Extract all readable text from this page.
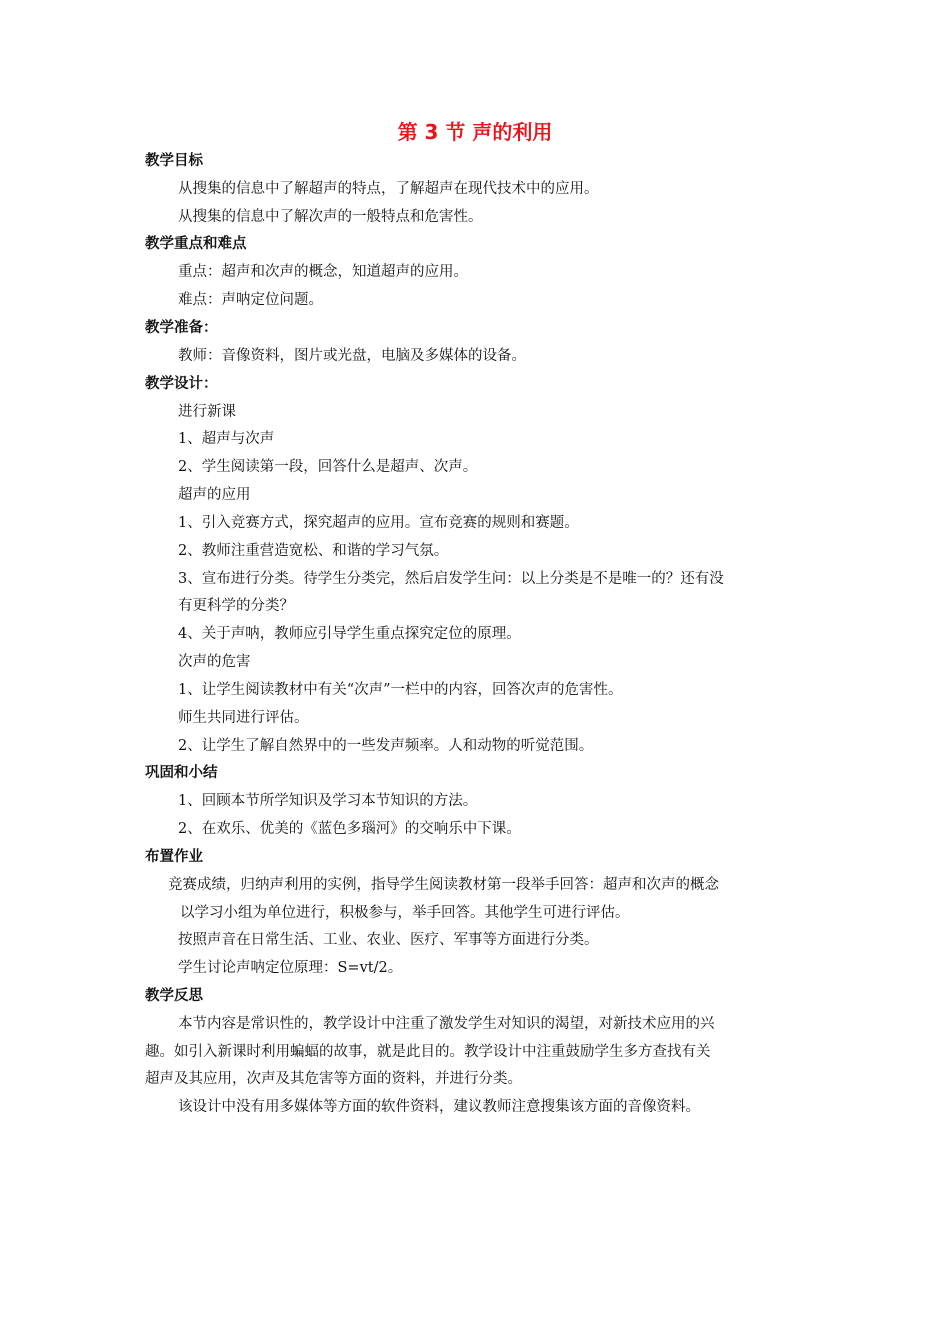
第 3 节 声的利用
教学目标
从搜集的信息中了解超声的特点，了解超声在现代技术中的应用。
从搜集的信息中了解次声的一般特点和危害性。
教学重点和难点
重点：超声和次声的概念，知道超声的应用。
难点：声呐定位问题。
教学准备：
教师：音像资料，图片或光盘，电脑及多媒体的设备。
教学设计：
进行新课
1、超声与次声
2、学生阅读第一段，回答什么是超声、次声。
超声的应用
1、引入竞赛方式，探究超声的应用。宣布竞赛的规则和赛题。
2、教师注重营造宽松、和谐的学习气氛。
3、宣布进行分类。待学生分类完，然后启发学生问：以上分类是不是唯一的？还有没
有更科学的分类？
4、关于声呐，教师应引导学生重点探究定位的原理。
次声的危害
1、让学生阅读教材中有关“次声”一栏中的内容，回答次声的危害性。
师生共同进行评估。
2、让学生了解自然界中的一些发声频率。人和动物的听觉范围。
巩固和小结
1、回顾本节所学知识及学习本节知识的方法。
2、在欢乐、优美的《蓝色多瑙河》的交响乐中下课。
布置作业
竞赛成绩，归纳声利用的实例，指导学生阅读教材第一段举手回答：超声和次声的概念
以学习小组为单位进行，积极参与，举手回答。其他学生可进行评估。
按照声音在日常生活、工业、农业、医疗、军事等方面进行分类。
学生讨论声呐定位原理：S=vt/2。
教学反思
本节内容是常识性的，教学设计中注重了激发学生对知识的渴望，对新技术应用的兴
趣。如引入新课时利用蝙蝠的故事，就是此目的。教学设计中注重鼓励学生多方查找有关
超声及其应用，次声及其危害等方面的资料，并进行分类。
该设计中没有用多媒体等方面的软件资料，建议教师注意搜集该方面的音像资料。
